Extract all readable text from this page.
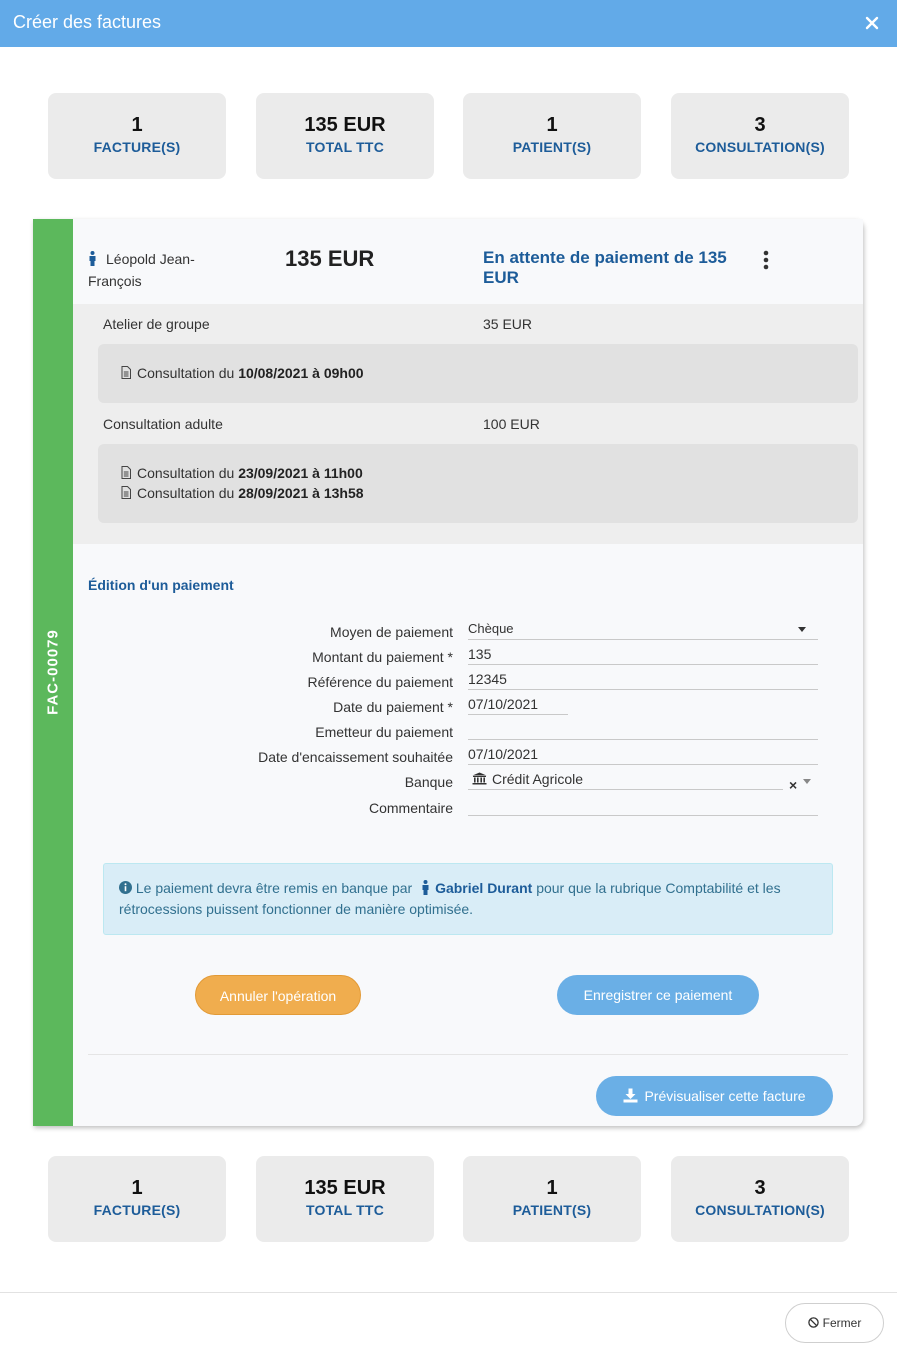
Créer des factures
1
FACTURE(S)
135 EUR
TOTAL TTC
1
PATIENT(S)
3
CONSULTATION(S)
FAC-00079
Léopold Jean-François
135 EUR	En attente de paiement de 135 EUR
Atelier de groupe	35 EUR
Consultation du 10/08/2021 à 09h00
Consultation adulte	100 EUR
Consultation du 23/09/2021 à 11h00
Consultation du 28/09/2021 à 13h58
Édition d'un paiement
Moyen de paiement Chèque
Montant du paiement * 135
Référence du paiement 12345
Date du paiement * 07/10/2021
Emetteur du paiement
Date d'encaissement souhaitée 07/10/2021
Banque	Crédit Agricole	×
Commentaire
Le paiement devra être remis en banque par Gabriel Durant pour que la rubrique Comptabilité et les rétrocessions puissent fonctionner de manière optimisée.
Annuler l'opération	Enregistrer ce paiement
Prévisualiser cette facture
1
FACTURE(S)
135 EUR
TOTAL TTC
1
PATIENT(S)
3
CONSULTATION(S)
Fermer
